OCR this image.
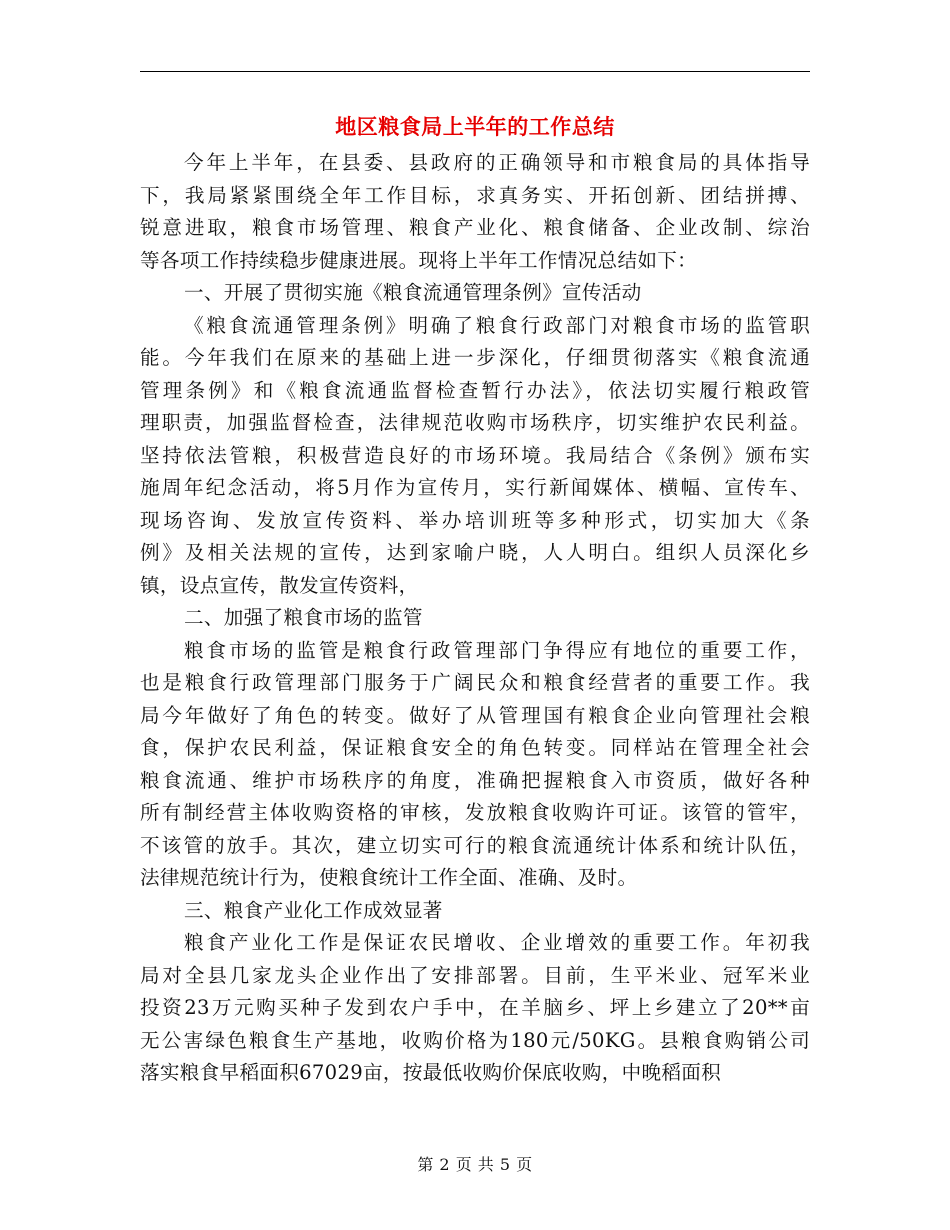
地区粮食局上半年的工作总结
今年上半年，在县委、县政府的正确领导和市粮食局的具体指导
下，我局紧紧围绕全年工作目标，求真务实、开拓创新、团结拼搏、
锐意进取，粮食市场管理、粮食产业化、粮食储备、企业改制、综治
等各项工作持续稳步健康进展。现将上半年工作情况总结如下：
一、开展了贯彻实施《粮食流通管理条例》宣传活动
《粮食流通管理条例》明确了粮食行政部门对粮食市场的监管职
能。今年我们在原来的基础上进一步深化，仔细贯彻落实《粮食流通
管理条例》和《粮食流通监督检查暂行办法》，依法切实履行粮政管
理职责，加强监督检查，法律规范收购市场秩序，切实维护农民利益。
坚持依法管粮，积极营造良好的市场环境。我局结合《条例》颁布实
施周年纪念活动，将5月作为宣传月，实行新闻媒体、横幅、宣传车、
现场咨询、发放宣传资料、举办培训班等多种形式，切实加大《条
例》及相关法规的宣传，达到家喻户晓，人人明白。组织人员深化乡
镇，设点宣传，散发宣传资料，
二、加强了粮食市场的监管
粮食市场的监管是粮食行政管理部门争得应有地位的重要工作，
也是粮食行政管理部门服务于广阔民众和粮食经营者的重要工作。我
局今年做好了角色的转变。做好了从管理国有粮食企业向管理社会粮
食，保护农民利益，保证粮食安全的角色转变。同样站在管理全社会
粮食流通、维护市场秩序的角度，准确把握粮食入市资质，做好各种
所有制经营主体收购资格的审核，发放粮食收购许可证。该管的管牢，
不该管的放手。其次，建立切实可行的粮食流通统计体系和统计队伍，
法律规范统计行为，使粮食统计工作全面、准确、及时。
三、粮食产业化工作成效显著
粮食产业化工作是保证农民增收、企业增效的重要工作。年初我
局对全县几家龙头企业作出了安排部署。目前，生平米业、冠军米业
投资23万元购买种子发到农户手中，在羊脑乡、坪上乡建立了20**亩
无公害绿色粮食生产基地，收购价格为180元/50KG。县粮食购销公司
落实粮食早稻面积67029亩，按最低收购价保底收购，中晚稻面积
第 2 页 共 5 页
